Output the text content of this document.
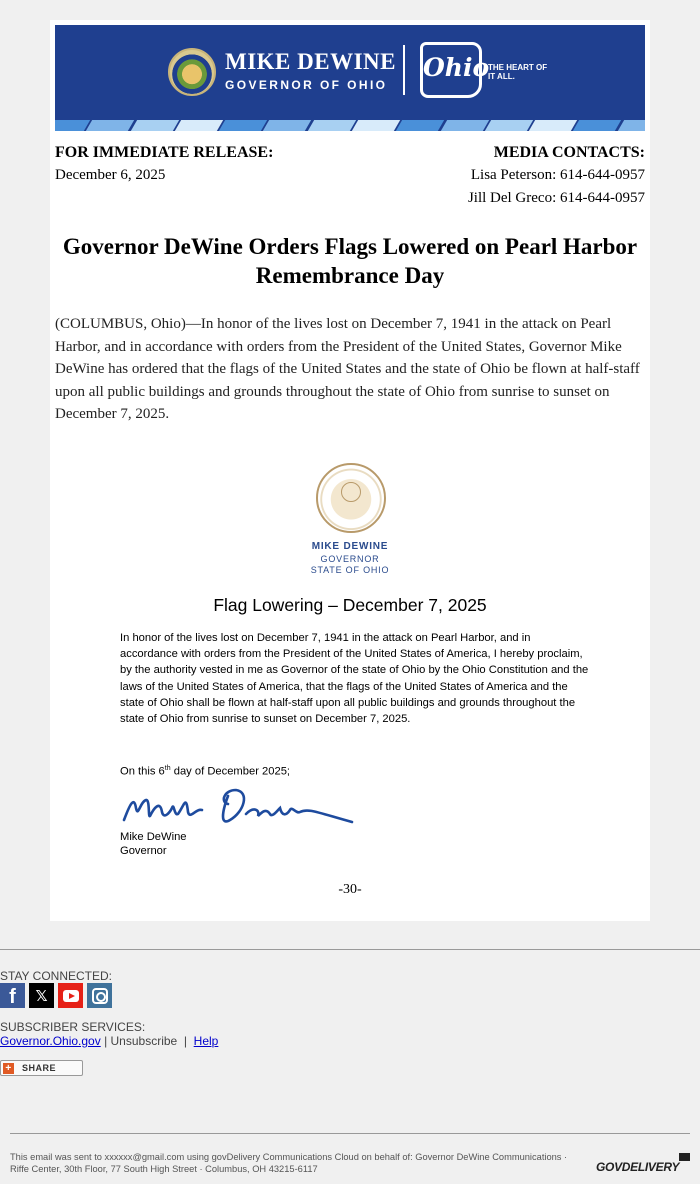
MIKE DEWINE
GOVERNOR OF OHIO
Ohio
THE HEART OF IT ALL.
FOR IMMEDIATE RELEASE:
December 6, 2025
MEDIA CONTACTS:
Lisa Peterson: 614-644-0957
Jill Del Greco: 614-644-0957
Governor DeWine Orders Flags Lowered on Pearl Harbor Remembrance Day
(COLUMBUS, Ohio)—In honor of the lives lost on December 7, 1941 in the attack on Pearl Harbor, and in accordance with orders from the President of the United States, Governor Mike DeWine has ordered that the flags of the United States and the state of Ohio be flown at half-staff upon all public buildings and grounds throughout the state of Ohio from sunrise to sunset on December 7, 2025.
MIKE DEWINE
GOVERNOR
STATE OF OHIO
Flag Lowering – December 7, 2025
In honor of the lives lost on December 7, 1941 in the attack on Pearl Harbor, and in accordance with orders from the President of the United States of America, I hereby proclaim, by the authority vested in me as Governor of the state of Ohio by the Ohio Constitution and the laws of the United States of America, that the flags of the United States of America and the state of Ohio shall be flown at half-staff upon all public buildings and grounds throughout the state of Ohio from sunrise to sunset on December 7, 2025.
On this 6th day of December 2025;
Mike DeWine
Governor
-30-
STAY CONNECTED:
f	𝕏
SUBSCRIBER SERVICES:
Governor.Ohio.gov | Unsubscribe  |  Help
+ SHARE
This email was sent to xxxxxx@gmail.com using govDelivery Communications Cloud on behalf of: Governor DeWine Communications · Riffe Center, 30th Floor, 77 South High Street · Columbus, OH 43215-6117	GOVDELIVERY
